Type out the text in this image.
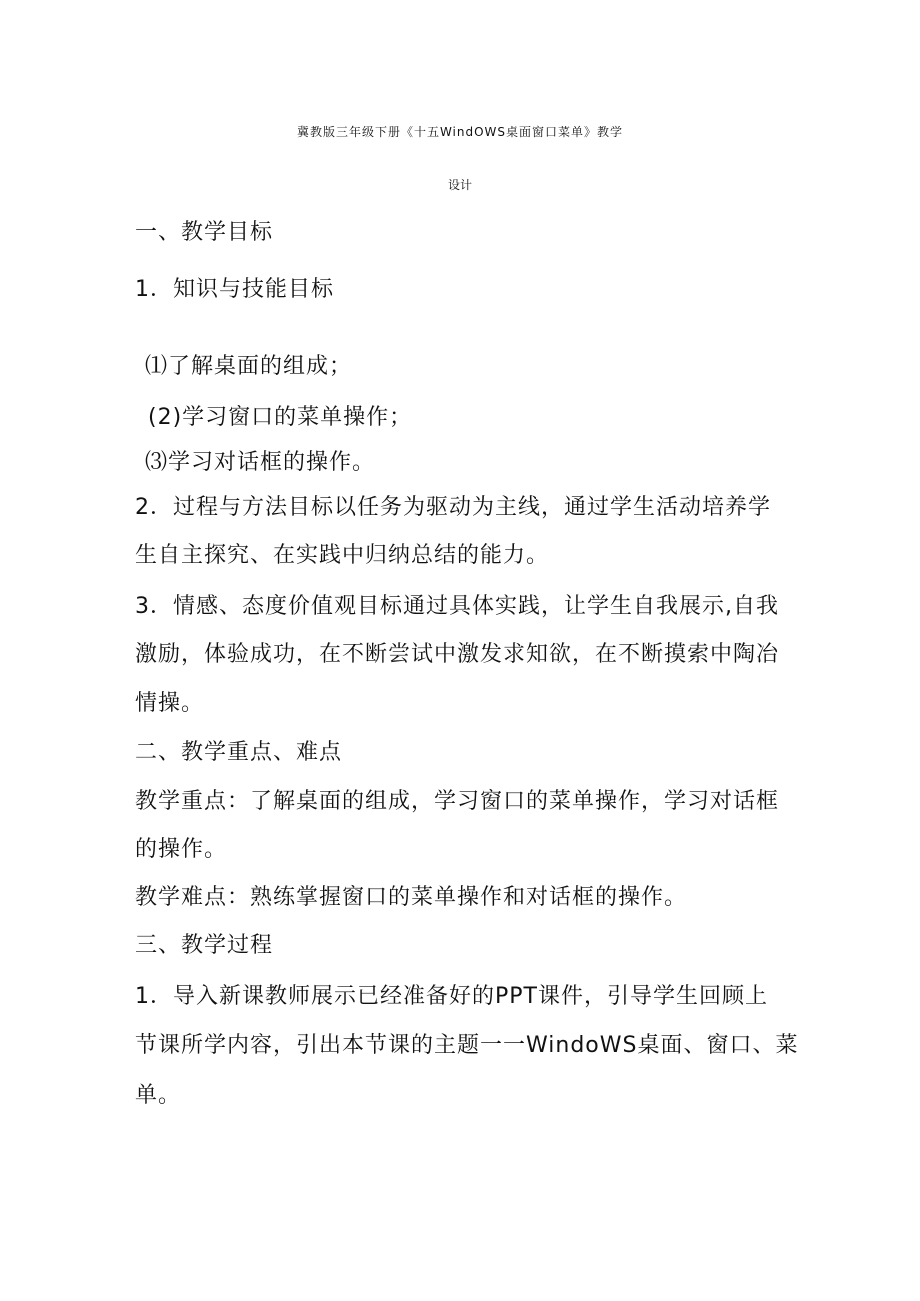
冀教版三年级下册《十五WindOWS桌面窗口菜单》教学
设计
一、教学目标
1．知识与技能目标
⑴了解桌面的组成；
(2)学习窗口的菜单操作；
⑶学习对话框的操作。
2．过程与方法目标以任务为驱动为主线，通过学生活动培养学
生自主探究、在实践中归纳总结的能力。
3．情感、态度价值观目标通过具体实践，让学生自我展示,自我
激励，体验成功，在不断尝试中激发求知欲，在不断摸索中陶冶
情操。
二、教学重点、难点
教学重点：了解桌面的组成，学习窗口的菜单操作，学习对话框
的操作。
教学难点：熟练掌握窗口的菜单操作和对话框的操作。
三、教学过程
1．导入新课教师展示已经准备好的PPT课件，引导学生回顾上
节课所学内容，引出本节课的主题一一WindoWS桌面、窗口、菜
单。
